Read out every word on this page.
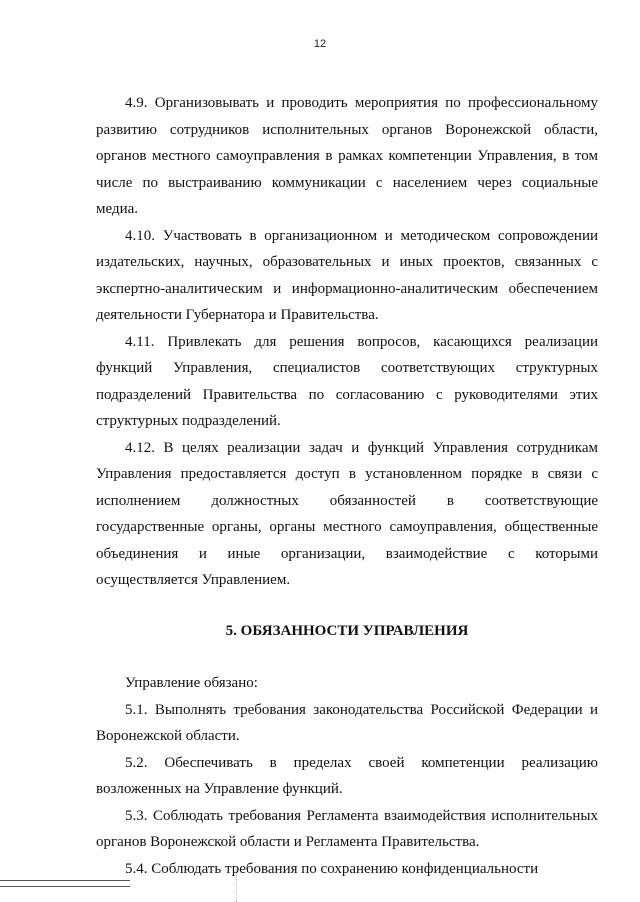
12

4.9. Организовывать и проводить мероприятия по профессиональному развитию сотрудников исполнительных органов Воронежской области, органов местного самоуправления в рамках компетенции Управления, в том числе по выстраиванию коммуникации с населением через социальные медиа.

4.10. Участвовать в организационном и методическом сопровождении издательских, научных, образовательных и иных проектов, связанных с экспертно-аналитическим и информационно-аналитическим обеспечением деятельности Губернатора и Правительства.

4.11. Привлекать для решения вопросов, касающихся реализации функций Управления, специалистов соответствующих структурных подразделений Правительства по согласованию с руководителями этих структурных подразделений.

4.12. В целях реализации задач и функций Управления сотрудникам Управления предоставляется доступ в установленном порядке в связи с исполнением должностных обязанностей в соответствующие государственные органы, органы местного самоуправления, общественные объединения и иные организации, взаимодействие с которыми осуществляется Управлением.

5. ОБЯЗАННОСТИ УПРАВЛЕНИЯ

Управление обязано:

5.1. Выполнять требования законодательства Российской Федерации и Воронежской области.

5.2. Обеспечивать в пределах своей компетенции реализацию возложенных на Управление функций.

5.3. Соблюдать требования Регламента взаимодействия исполнительных органов Воронежской области и Регламента Правительства.

5.4. Соблюдать требования по сохранению конфиденциальности
